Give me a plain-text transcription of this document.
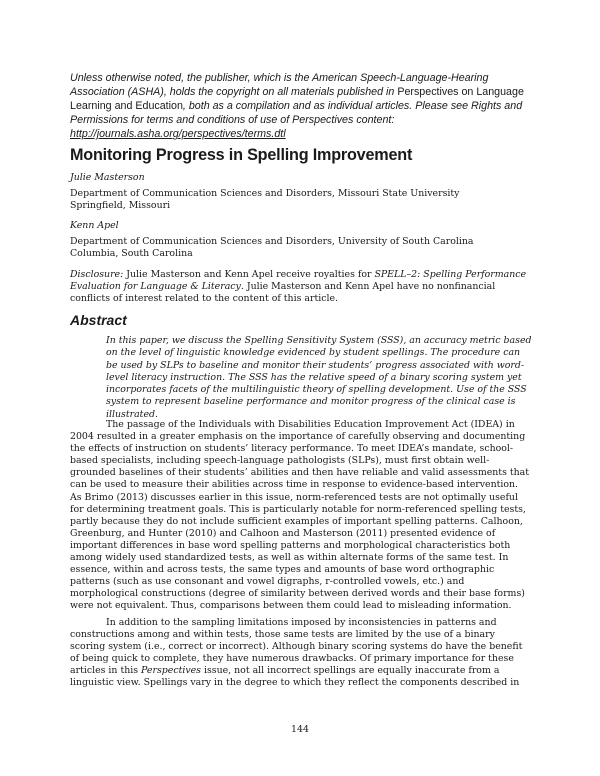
Unless otherwise noted, the publisher, which is the American Speech-Language-Hearing Association (ASHA), holds the copyright on all materials published in Perspectives on Language Learning and Education, both as a compilation and as individual articles. Please see Rights and Permissions for terms and conditions of use of Perspectives content: http://journals.asha.org/perspectives/terms.dtl
Monitoring Progress in Spelling Improvement
Julie Masterson
Department of Communication Sciences and Disorders, Missouri State University
Springfield, Missouri
Kenn Apel
Department of Communication Sciences and Disorders, University of South Carolina
Columbia, South Carolina
Disclosure: Julie Masterson and Kenn Apel receive royalties for SPELL–2: Spelling Performance Evaluation for Language & Literacy. Julie Masterson and Kenn Apel have no nonfinancial conflicts of interest related to the content of this article.
Abstract
In this paper, we discuss the Spelling Sensitivity System (SSS), an accuracy metric based on the level of linguistic knowledge evidenced by student spellings. The procedure can be used by SLPs to baseline and monitor their students’ progress associated with word-level literacy instruction. The SSS has the relative speed of a binary scoring system yet incorporates facets of the multilinguistic theory of spelling development. Use of the SSS system to represent baseline performance and monitor progress of the clinical case is illustrated.
The passage of the Individuals with Disabilities Education Improvement Act (IDEA) in 2004 resulted in a greater emphasis on the importance of carefully observing and documenting the effects of instruction on students’ literacy performance. To meet IDEA’s mandate, school-based specialists, including speech-language pathologists (SLPs), must first obtain well-grounded baselines of their students’ abilities and then have reliable and valid assessments that can be used to measure their abilities across time in response to evidence-based intervention. As Brimo (2013) discusses earlier in this issue, norm-referenced tests are not optimally useful for determining treatment goals. This is particularly notable for norm-referenced spelling tests, partly because they do not include sufficient examples of important spelling patterns. Calhoon, Greenburg, and Hunter (2010) and Calhoon and Masterson (2011) presented evidence of important differences in base word spelling patterns and morphological characteristics both among widely used standardized tests, as well as within alternate forms of the same test. In essence, within and across tests, the same types and amounts of base word orthographic patterns (such as use consonant and vowel digraphs, r-controlled vowels, etc.) and morphological constructions (degree of similarity between derived words and their base forms) were not equivalent. Thus, comparisons between them could lead to misleading information.
In addition to the sampling limitations imposed by inconsistencies in patterns and constructions among and within tests, those same tests are limited by the use of a binary scoring system (i.e., correct or incorrect). Although binary scoring systems do have the benefit of being quick to complete, they have numerous drawbacks. Of primary importance for these articles in this Perspectives issue, not all incorrect spellings are equally inaccurate from a linguistic view. Spellings vary in the degree to which they reflect the components described in
144
